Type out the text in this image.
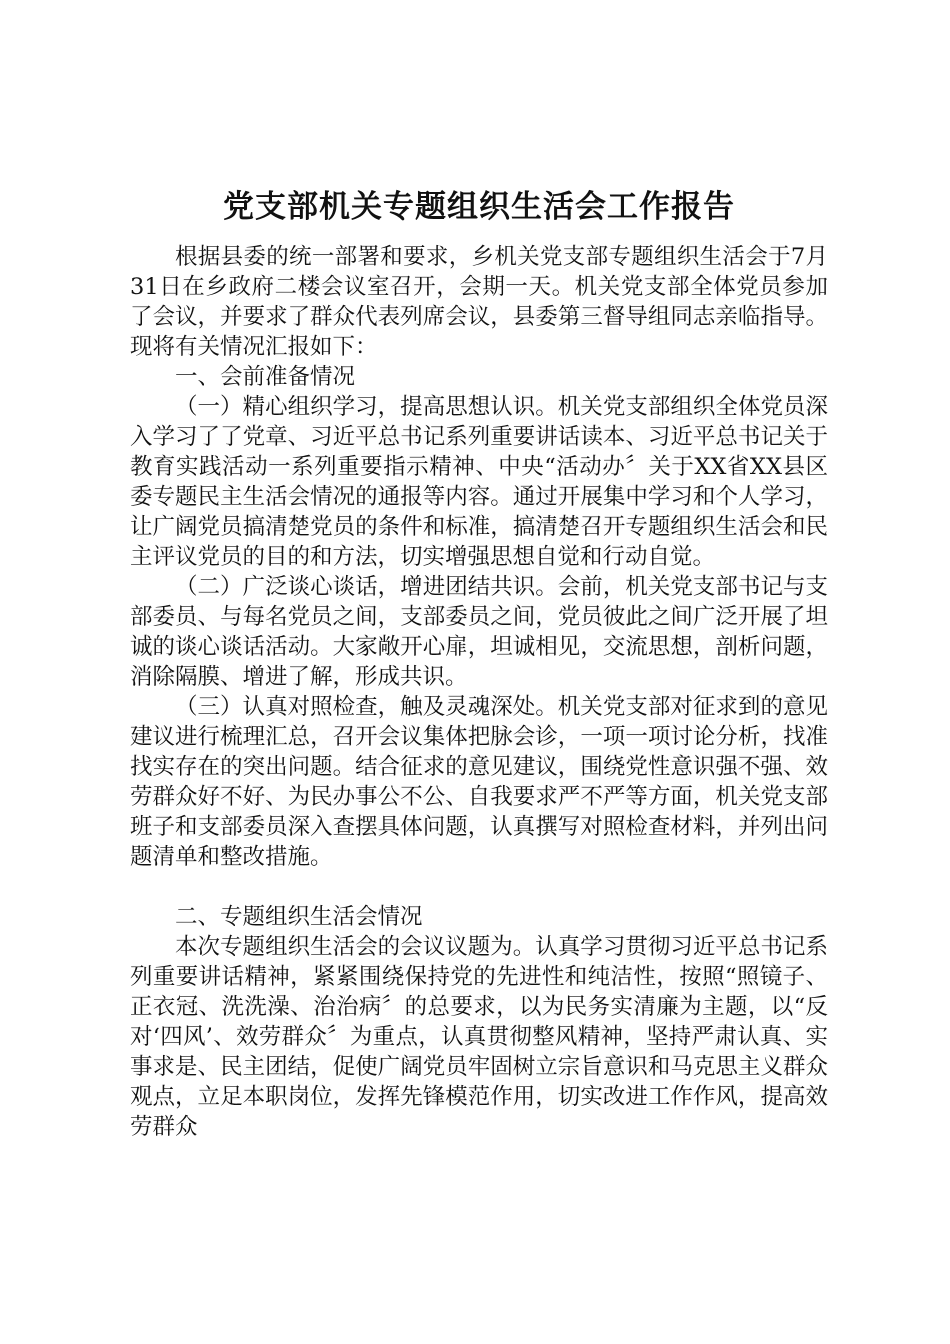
党支部机关专题组织生活会工作报告

根据县委的统一部署和要求，乡机关党支部专题组织生活会于7月31日在乡政府二楼会议室召开，会期一天。机关党支部全体党员参加了会议，并要求了群众代表列席会议，县委第三督导组同志亲临指导。现将有关情况汇报如下：

一、会前准备情况

（一）精心组织学习，提高思想认识。机关党支部组织全体党员深入学习了了党章、习近平总书记系列重要讲话读本、习近平总书记关于教育实践活动一系列重要指示精神、中央“活动办〞关于XX省XX县区委专题民主生活会情况的通报等内容。通过开展集中学习和个人学习，让广阔党员搞清楚党员的条件和标准，搞清楚召开专题组织生活会和民主评议党员的目的和方法，切实增强思想自觉和行动自觉。

（二）广泛谈心谈话，增进团结共识。会前，机关党支部书记与支部委员、与每名党员之间，支部委员之间，党员彼此之间广泛开展了坦诚的谈心谈话活动。大家敞开心扉，坦诚相见，交流思想，剖析问题，消除隔膜、增进了解，形成共识。

（三）认真对照检查，触及灵魂深处。机关党支部对征求到的意见建议进行梳理汇总，召开会议集体把脉会诊，一项一项讨论分析，找准找实存在的突出问题。结合征求的意见建议，围绕党性意识强不强、效劳群众好不好、为民办事公不公、自我要求严不严等方面，机关党支部班子和支部委员深入查摆具体问题，认真撰写对照检查材料，并列出问题清单和整改措施。

二、专题组织生活会情况

本次专题组织生活会的会议议题为。认真学习贯彻习近平总书记系列重要讲话精神，紧紧围绕保持党的先进性和纯洁性，按照“照镜子、正衣冠、洗洗澡、治治病〞的总要求，以为民务实清廉为主题，以“反对‘四风’、效劳群众〞为重点，认真贯彻整风精神，坚持严肃认真、实事求是、民主团结，促使广阔党员牢固树立宗旨意识和马克思主义群众观点，立足本职岗位，发挥先锋模范作用，切实改进工作作风，提高效劳群众
